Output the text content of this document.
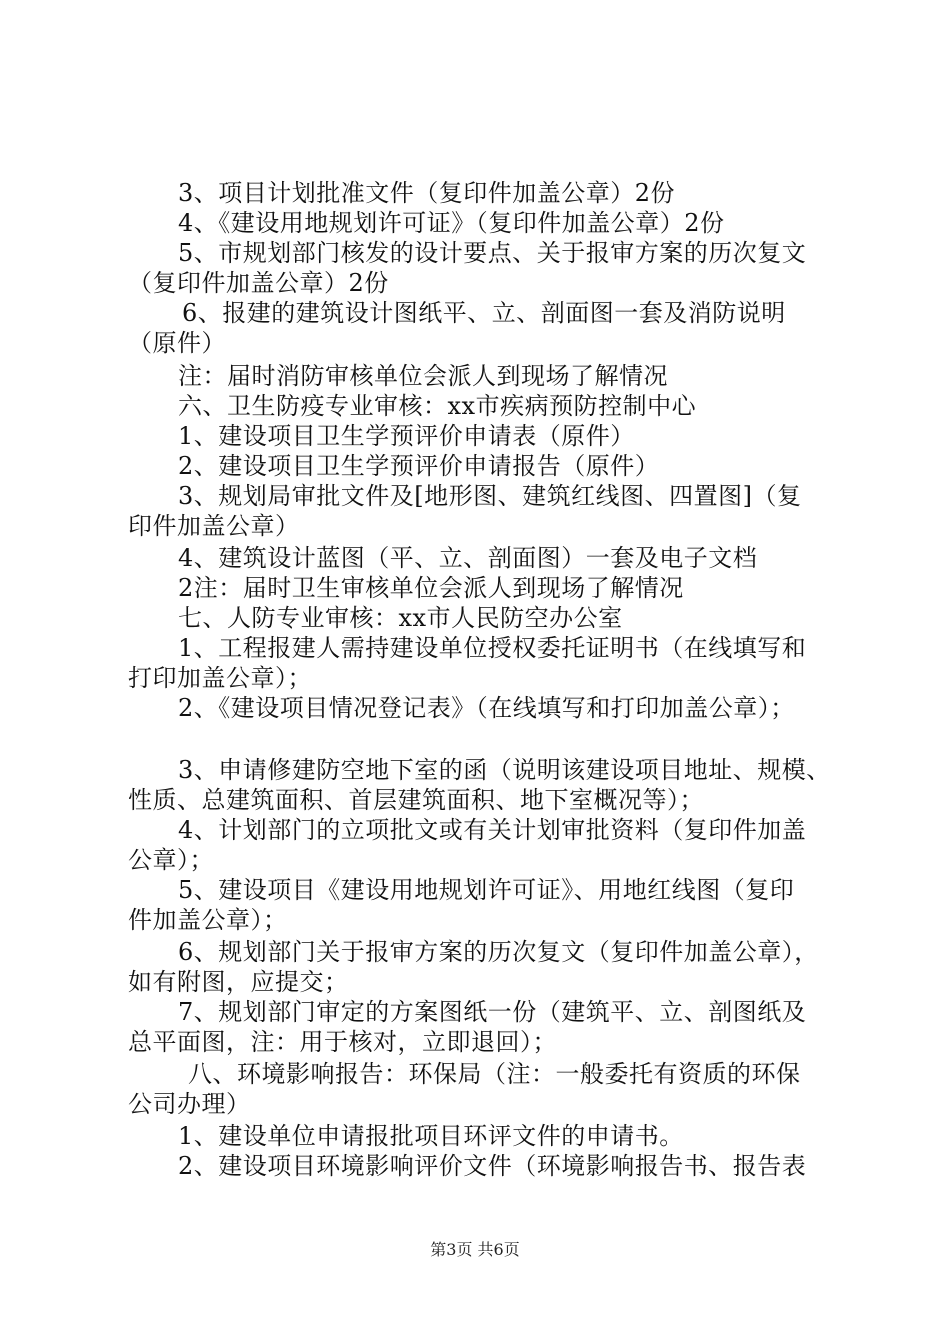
3、项目计划批准文件（复印件加盖公章）2份
4、《建设用地规划许可证》（复印件加盖公章）2份
5、市规划部门核发的设计要点、关于报审方案的历次复文
（复印件加盖公章）2份
6、报建的建筑设计图纸平、立、剖面图一套及消防说明
（原件）
注：届时消防审核单位会派人到现场了解情况
六、卫生防疫专业审核：xx市疾病预防控制中心
1、建设项目卫生学预评价申请表（原件）
2、建设项目卫生学预评价申请报告（原件）
3、规划局审批文件及[地形图、建筑红线图、四置图]（复
印件加盖公章）
4、建筑设计蓝图（平、立、剖面图）一套及电子文档
2注：届时卫生审核单位会派人到现场了解情况
七、人防专业审核：xx市人民防空办公室
1、工程报建人需持建设单位授权委托证明书（在线填写和
打印加盖公章）；
2、《建设项目情况登记表》（在线填写和打印加盖公章）；
3、申请修建防空地下室的函（说明该建设项目地址、规模、
性质、总建筑面积、首层建筑面积、地下室概况等）；
4、计划部门的立项批文或有关计划审批资料（复印件加盖
公章）；
5、建设项目《建设用地规划许可证》、用地红线图（复印
件加盖公章）；
6、规划部门关于报审方案的历次复文（复印件加盖公章），
如有附图，应提交；
7、规划部门审定的方案图纸一份（建筑平、立、剖图纸及
总平面图，注：用于核对，立即退回）；
八、环境影响报告：环保局（注：一般委托有资质的环保
公司办理）
1、建设单位申请报批项目环评文件的申请书。
2、建设项目环境影响评价文件（环境影响报告书、报告表
第3页 共6页
